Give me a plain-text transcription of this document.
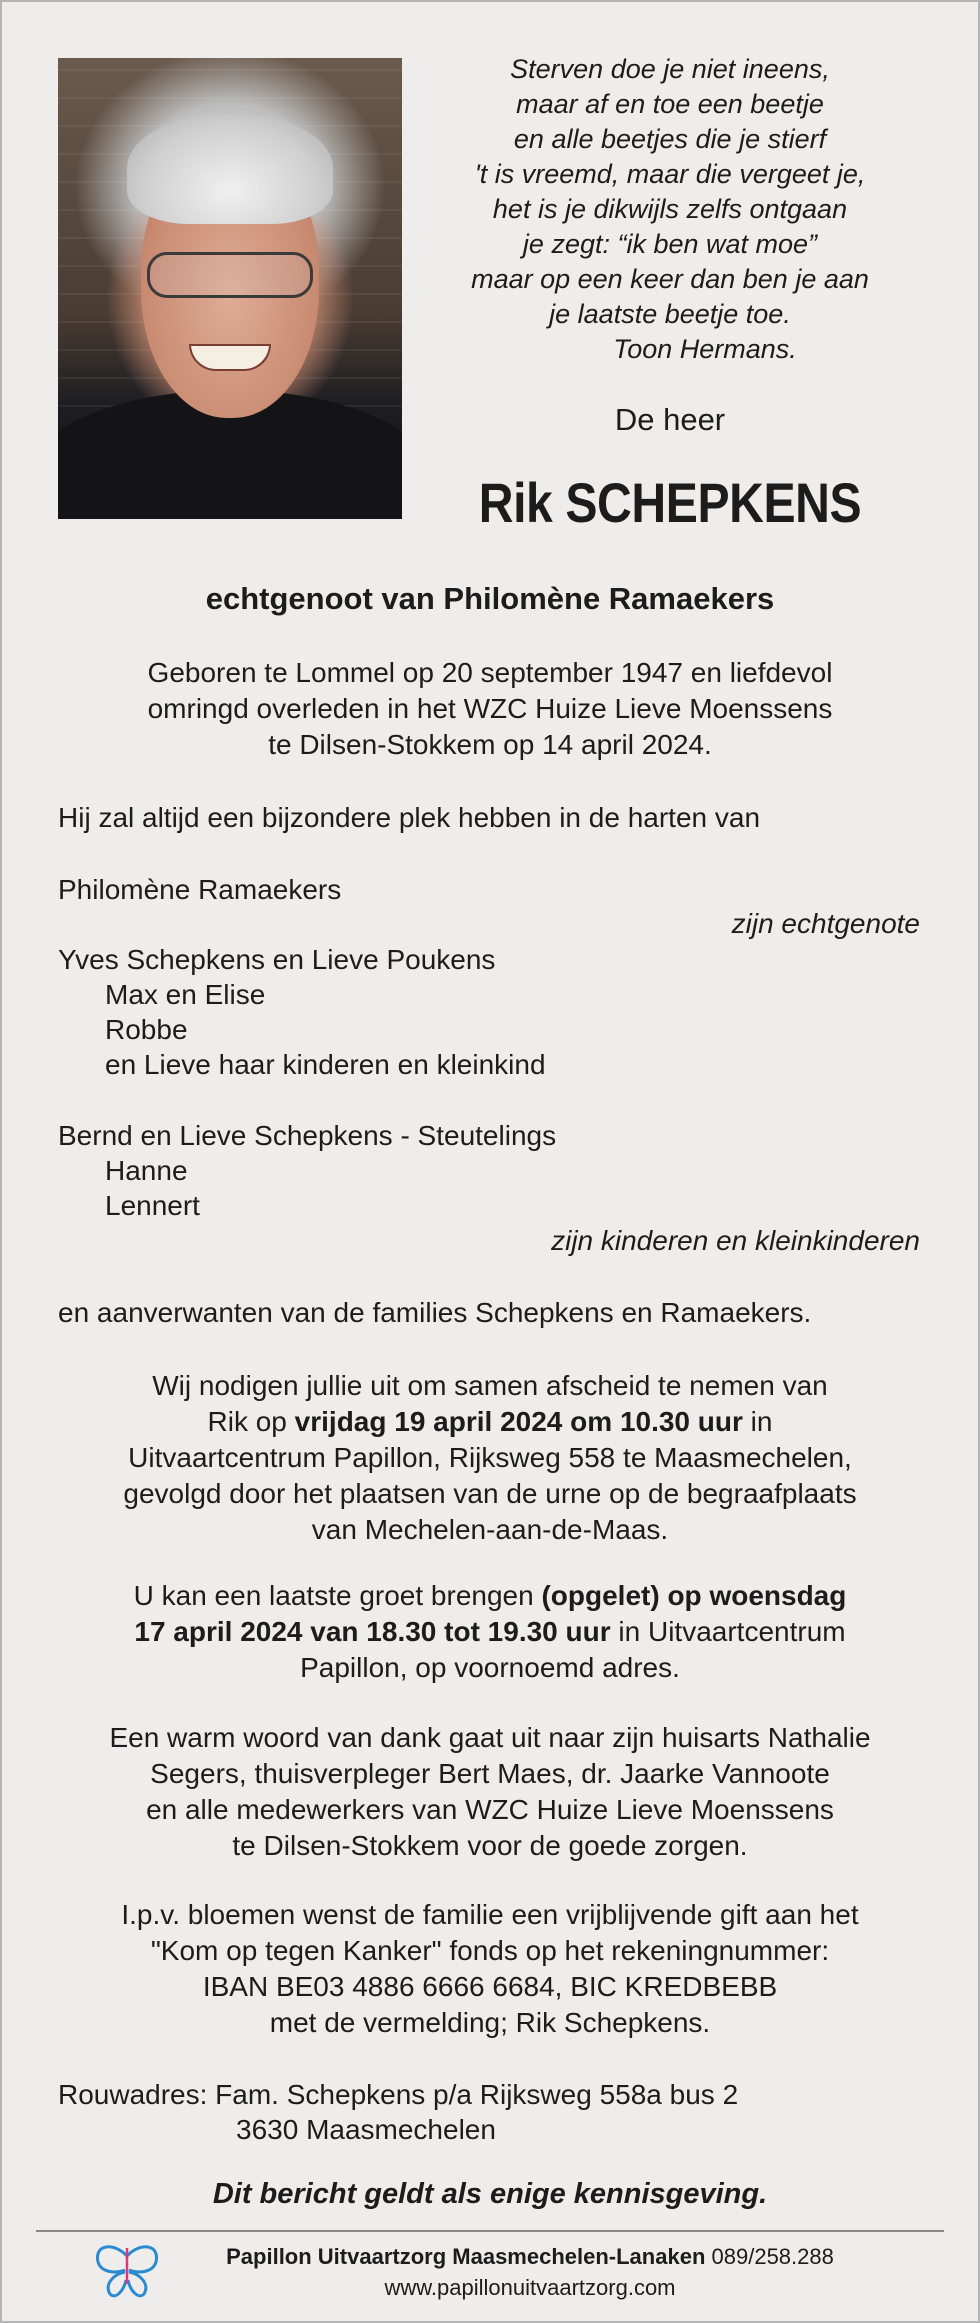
Sterven doe je niet ineens,
maar af en toe een beetje
en alle beetjes die je stierf
't is vreemd, maar die vergeet je,
het is je dikwijls zelfs ontgaan
je zegt: “ik ben wat moe”
maar op een keer dan ben je aan
je laatste beetje toe.
Toon Hermans.

De heer

Rik SCHEPKENS

echtgenoot van Philomène Ramaekers

Geboren te Lommel op 20 september 1947 en liefdevol
omringd overleden in het WZC Huize Lieve Moenssens
te Dilsen-Stokkem op 14 april 2024.

Hij zal altijd een bijzondere plek hebben in de harten van

Philomène Ramaekers

zijn echtgenote

Yves Schepkens en Lieve Poukens
Max en Elise
Robbe
en Lieve haar kinderen en kleinkind

Bernd en Lieve Schepkens - Steutelings
Hanne
Lennert

zijn kinderen en kleinkinderen

en aanverwanten van de families Schepkens en Ramaekers.

Wij nodigen jullie uit om samen afscheid te nemen van
Rik op vrijdag 19 april 2024 om 10.30 uur in
Uitvaartcentrum Papillon, Rijksweg 558 te Maasmechelen,
gevolgd door het plaatsen van de urne op de begraafplaats
van Mechelen-aan-de-Maas.

U kan een laatste groet brengen (opgelet) op woensdag
17 april 2024 van 18.30 tot 19.30 uur in Uitvaartcentrum
Papillon, op voornoemd adres.

Een warm woord van dank gaat uit naar zijn huisarts Nathalie
Segers, thuisverpleger Bert Maes, dr. Jaarke Vannoote
en alle medewerkers van WZC Huize Lieve Moenssens
te Dilsen-Stokkem voor de goede zorgen.

I.p.v. bloemen wenst de familie een vrijblijvende gift aan het
"Kom op tegen Kanker" fonds op het rekeningnummer:
IBAN BE03 4886 6666 6684, BIC KREDBEBB
met de vermelding; Rik Schepkens.

Rouwadres: Fam. Schepkens p/a Rijksweg 558a bus 2
3630 Maasmechelen

Dit bericht geldt als enige kennisgeving.

Papillon Uitvaartzorg Maasmechelen-Lanaken 089/258.288

www.papillonuitvaartzorg.com
